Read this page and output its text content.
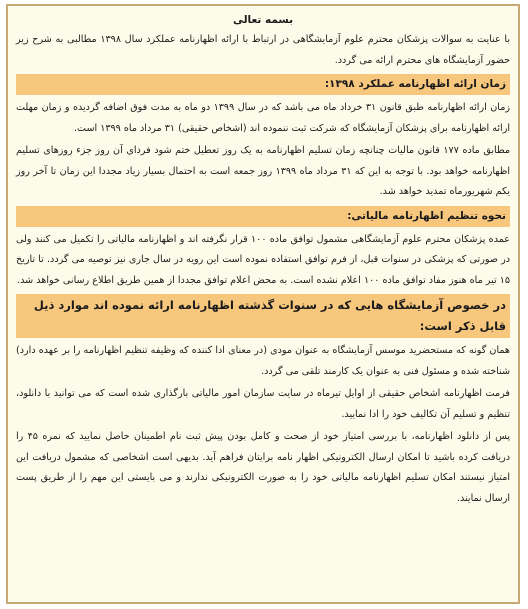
بسمه تعالی

با عنایت به سوالات پزشکان محترم علوم آزمایشگاهی در ارتباط با ارائه اظهارنامه عملکرد سال ۱۳۹۸ مطالبی به شرح زیر حضور آزمایشگاه های محترم ارائه می گردد.

زمان ارائه اظهارنامه عملکرد ۱۳۹۸:

زمان ارائه اظهارنامه طبق قانون ۳۱ خرداد ماه می باشد که در سال ۱۳۹۹ دو ماه به مدت فوق اضافه گردیده و زمان مهلت ارائه اظهارنامه برای پزشکان آزمایشگاه که شرکت ثبت ننموده اند (اشخاص حقیقی) ۳۱ مرداد ماه ۱۳۹۹ است.

مطابق ماده ۱۷۷ قانون مالیات چنانچه زمان تسلیم اظهارنامه به یک روز تعطیل ختم شود فردای آن روز جزء روزهای تسلیم اظهارنامه خواهد بود. با توجه به این که ۳۱ مرداد ماه ۱۳۹۹ روز جمعه است به احتمال بسیار زیاد مجددا این زمان تا آخر روز یکم شهریورماه تمدید خواهد شد.

نحوه تنظیم اظهارنامه مالیاتی:

عمده پزشکان محترم علوم آزمایشگاهی مشمول توافق ماده ۱۰۰ قرار نگرفته اند و اظهارنامه مالیاتی را تکمیل می کنند ولی در صورتی که پزشکی در سنوات قبل، از فرم توافق استفاده نموده است این رویه در سال جاری نیز توصیه می گردد. تا تاریخ ۱۵ تیر ماه هنوز مفاد توافق ماده ۱۰۰ اعلام نشده است. به محض اعلام توافق مجددا از همین طریق اطلاع رسانی خواهد شد.

در خصوص آزمایشگاه هایی که در سنوات گذشته اظهارنامه ارائه نموده اند موارد ذیل قابل ذکر است:

همان گونه که مستحضرید موسس آزمایشگاه به عنوان مودی (در معنای ادا کننده که وظیفه تنظیم اظهارنامه را بر عهده دارد) شناخته شده و مسئول فنی به عنوان یک کارمند تلقی می گردد.

فرمت اظهارنامه اشخاص حقیقی از اوایل تیرماه در سایت سازمان امور مالیاتی بارگذاری شده است که می توانید با دانلود، تنظیم و تسلیم آن تکالیف خود را ادا نمایید.

پس از دانلود اظهارنامه، با بررسی امتیاز خود از صحت و کامل بودن پیش ثبت نام اطمینان حاصل نمایید که نمره ۴۵ را دریافت کرده باشید تا امکان ارسال الکترونیکی اظهار نامه برایتان فراهم آید. بدیهی است اشخاصی که مشمول دریافت این امتیاز نیستند امکان تسلیم اظهارنامه مالیاتی خود را به صورت الکترونیکی ندارند و می بایستی این مهم را از طریق پست ارسال نمایند.
